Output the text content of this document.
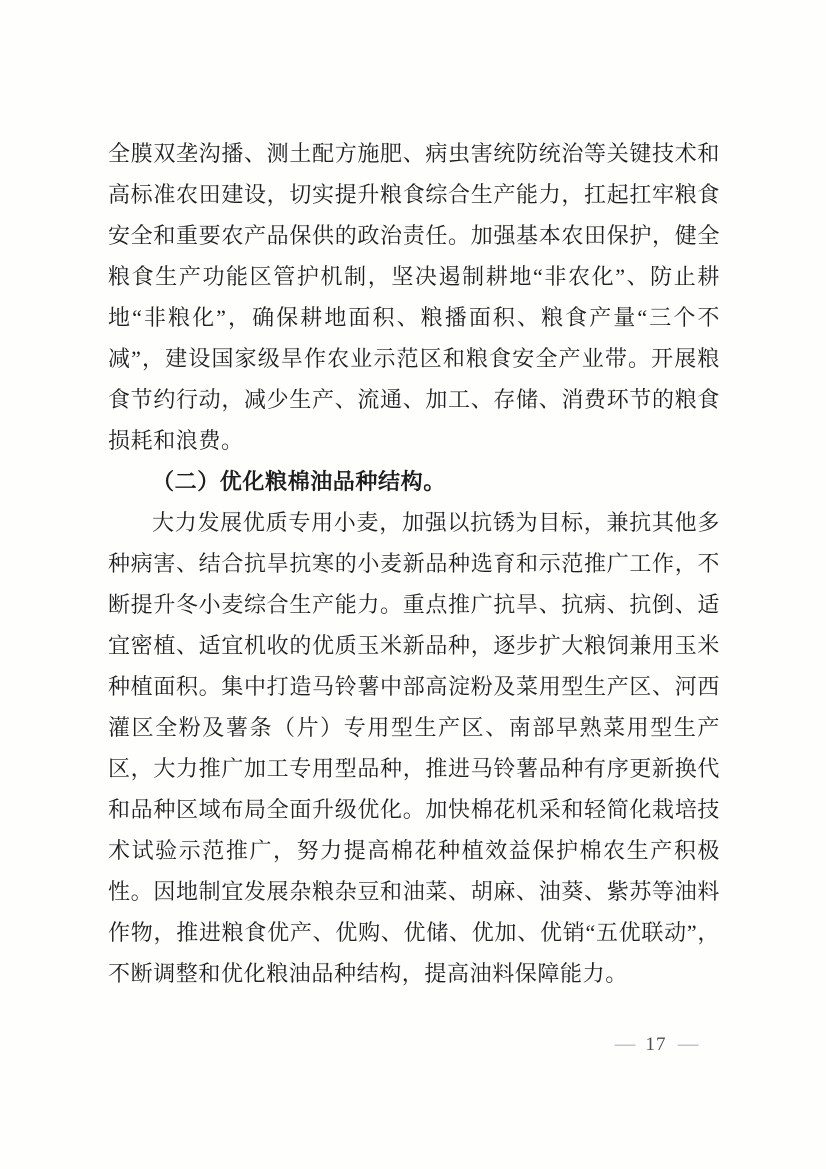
全膜双垄沟播、测土配方施肥、病虫害统防统治等关键技术和高标准农田建设，切实提升粮食综合生产能力，扛起扛牢粮食安全和重要农产品保供的政治责任。加强基本农田保护，健全粮食生产功能区管护机制，坚决遏制耕地“非农化”、防止耕地“非粮化”，确保耕地面积、粮播面积、粮食产量“三个不减”，建设国家级旱作农业示范区和粮食安全产业带。开展粮食节约行动，减少生产、流通、加工、存储、消费环节的粮食损耗和浪费。

（二）优化粮棉油品种结构。

大力发展优质专用小麦，加强以抗锈为目标，兼抗其他多种病害、结合抗旱抗寒的小麦新品种选育和示范推广工作，不断提升冬小麦综合生产能力。重点推广抗旱、抗病、抗倒、适宜密植、适宜机收的优质玉米新品种，逐步扩大粮饲兼用玉米种植面积。集中打造马铃薯中部高淀粉及菜用型生产区、河西灌区全粉及薯条（片）专用型生产区、南部早熟菜用型生产区，大力推广加工专用型品种，推进马铃薯品种有序更新换代和品种区域布局全面升级优化。加快棉花机采和轻简化栽培技术试验示范推广，努力提高棉花种植效益保护棉农生产积极性。因地制宜发展杂粮杂豆和油菜、胡麻、油葵、紫苏等油料作物，推进粮食优产、优购、优储、优加、优销“五优联动”，不断调整和优化粮油品种结构，提高油料保障能力。

— 17 —
